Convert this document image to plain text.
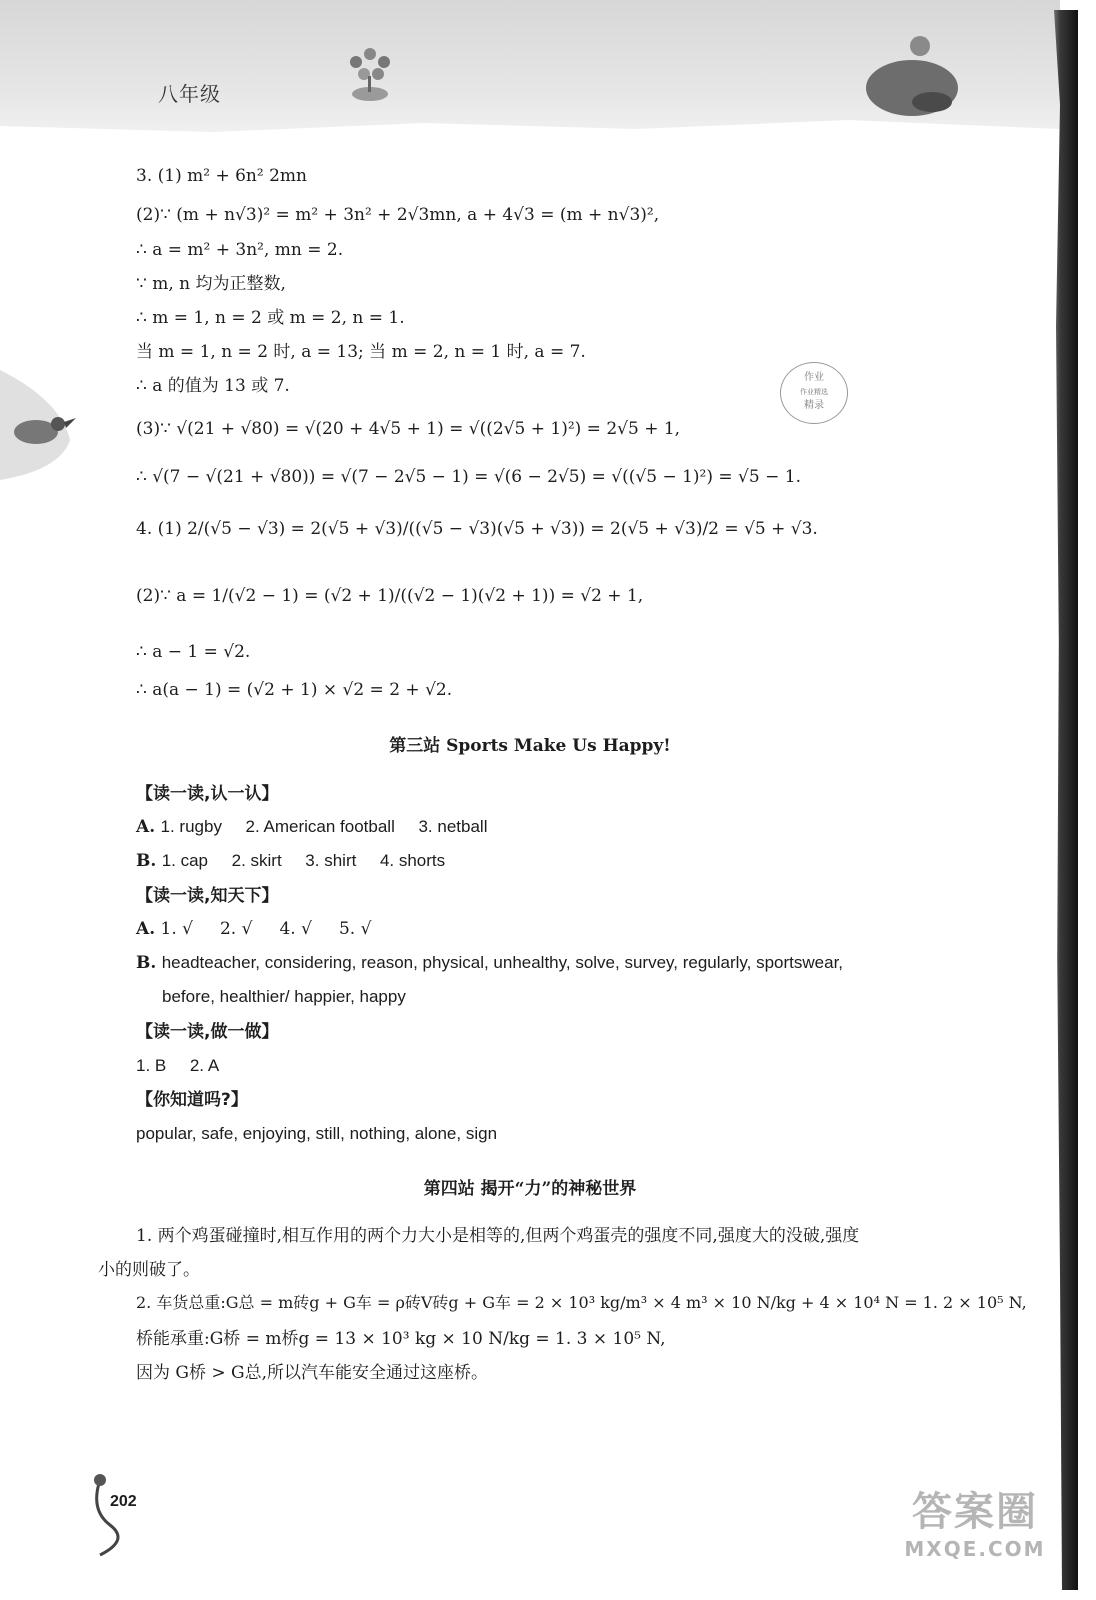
八年级
作业
作业精选
精录
3. (1) m² + 6n² 2mn
(2)∵ (m + n√3)² = m² + 3n² + 2√3mn, a + 4√3 = (m + n√3)²,
∴ a = m² + 3n², mn = 2.
∵ m, n 均为正整数,
∴ m = 1, n = 2 或 m = 2, n = 1.
当 m = 1, n = 2 时, a = 13; 当 m = 2, n = 1 时, a = 7.
∴ a 的值为 13 或 7.
(3)∵ √(21 + √80) = √(20 + 4√5 + 1) = √((2√5 + 1)²) = 2√5 + 1,
∴ √(7 − √(21 + √80)) = √(7 − 2√5 − 1) = √(6 − 2√5) = √((√5 − 1)²) = √5 − 1.
4. (1) 2/(√5 − √3) = 2(√5 + √3)/((√5 − √3)(√5 + √3)) = 2(√5 + √3)/2 = √5 + √3.
(2)∵ a = 1/(√2 − 1) = (√2 + 1)/((√2 − 1)(√2 + 1)) = √2 + 1,
∴ a − 1 = √2.
∴ a(a − 1) = (√2 + 1) × √2 = 2 + √2.
第三站 Sports Make Us Happy!
【读一读,认一认】
A. 1. rugby     2. American football     3. netball
B. 1. cap     2. skirt     3. shirt     4. shorts
【读一读,知天下】
A. 1. √     2. √     4. √     5. √
B. headteacher, considering, reason, physical, unhealthy, solve, survey, regularly, sportswear,
before, healthier/ happier, happy
【读一读,做一做】
1. B     2. A
【你知道吗?】
popular, safe, enjoying, still, nothing, alone, sign
第四站 揭开“力”的神秘世界
1. 两个鸡蛋碰撞时,相互作用的两个力大小是相等的,但两个鸡蛋壳的强度不同,强度大的没破,强度
小的则破了。
2. 车货总重:G总 = m砖g + G车 = ρ砖V砖g + G车 = 2 × 10³ kg/m³ × 4 m³ × 10 N/kg + 4 × 10⁴ N = 1. 2 × 10⁵ N,
桥能承重:G桥 = m桥g = 13 × 10³ kg × 10 N/kg = 1. 3 × 10⁵ N,
因为 G桥 > G总,所以汽车能安全通过这座桥。
202	答案圈
MXQE.COM
